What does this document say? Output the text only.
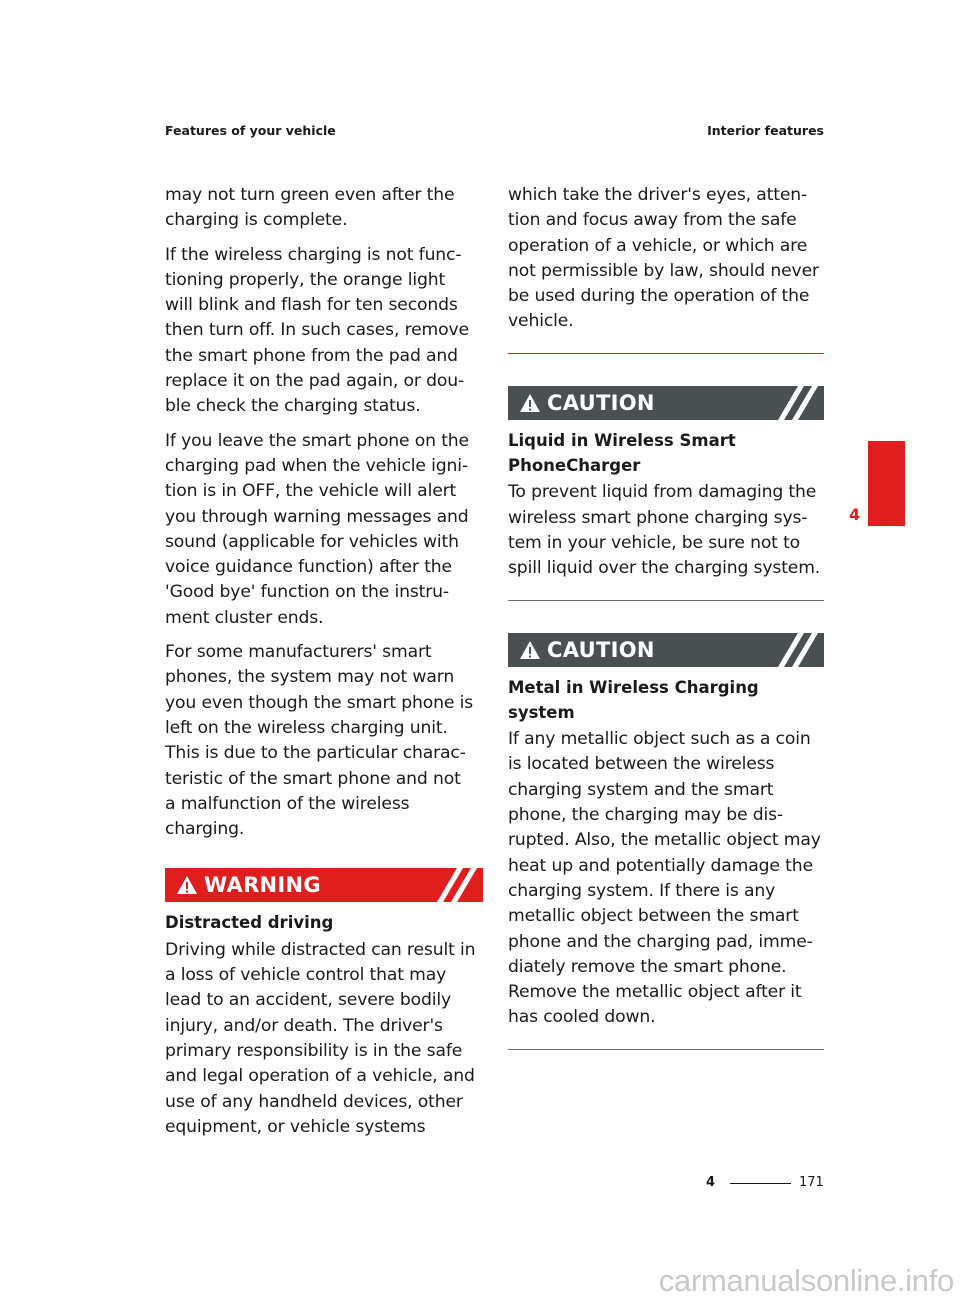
Features of your vehicle	Interior features
may not turn green even after the
charging is complete.
If the wireless charging is not func-
tioning properly, the orange light
will blink and flash for ten seconds
then turn off. In such cases, remove
the smart phone from the pad and
replace it on the pad again, or dou-
ble check the charging status.
If you leave the smart phone on the
charging pad when the vehicle igni-
tion is in OFF, the vehicle will alert
you through warning messages and
sound (applicable for vehicles with
voice guidance function) after the
'Good bye' function on the instru-
ment cluster ends.
For some manufacturers' smart
phones, the system may not warn
you even though the smart phone is
left on the wireless charging unit.
This is due to the particular charac-
teristic of the smart phone and not
a malfunction of the wireless
charging.
WARNING
Distracted driving
Driving while distracted can result in
a loss of vehicle control that may
lead to an accident, severe bodily
injury, and/or death. The driver's
primary responsibility is in the safe
and legal operation of a vehicle, and
use of any handheld devices, other
equipment, or vehicle systems
which take the driver's eyes, atten-
tion and focus away from the safe
operation of a vehicle, or which are
not permissible by law, should never
be used during the operation of the
vehicle.
CAUTION
Liquid in Wireless Smart PhoneCharger
To prevent liquid from damaging the
wireless smart phone charging sys-
tem in your vehicle, be sure not to
spill liquid over the charging system.
CAUTION
Metal in Wireless Charging system
If any metallic object such as a coin
is located between the wireless
charging system and the smart
phone, the charging may be dis-
rupted. Also, the metallic object may
heat up and potentially damage the
charging system. If there is any
metallic object between the smart
phone and the charging pad, imme-
diately remove the smart phone.
Remove the metallic object after it
has cooled down.
4
4	171
carmanualsonline.info
